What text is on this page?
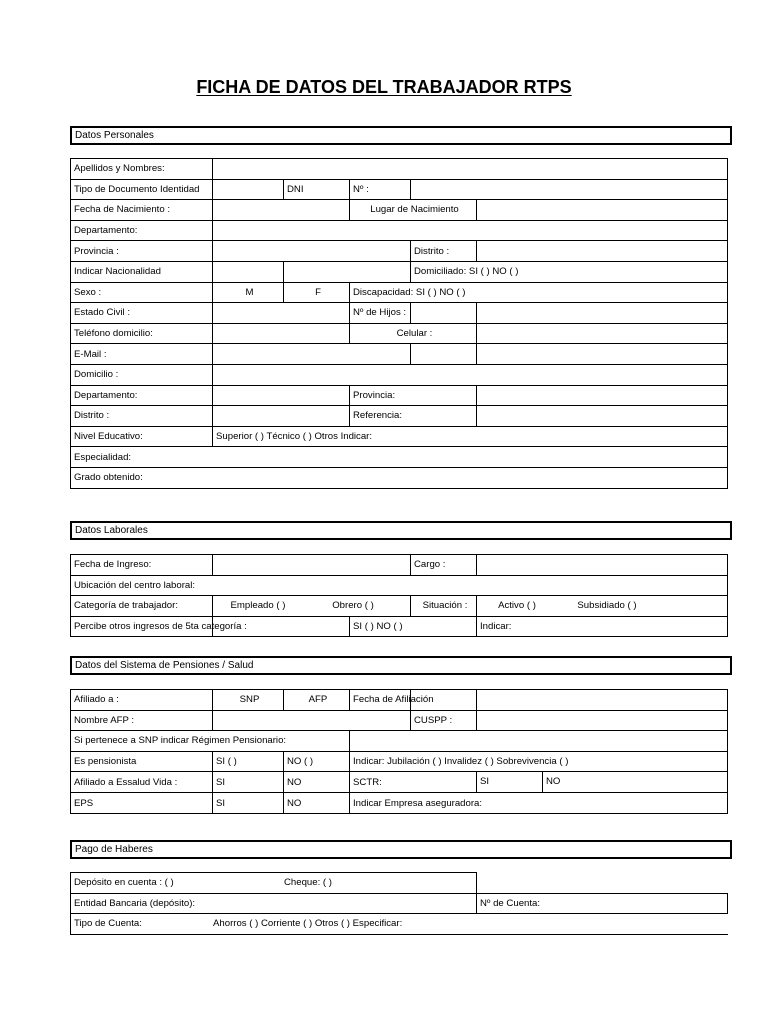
FICHA DE DATOS DEL TRABAJADOR RTPS
Datos Personales
Apellidos y Nombres:					
Tipo de Documento Identidad		DNI	Nº :		
Fecha de Nacimiento :			Lugar de Nacimiento		
Departamento:					
Provincia :				Distrito :	
Indicar Nacionalidad				Domiciliado: SI ( ) NO ( )	
Sexo :	M	F	Discapacidad: SI ( ) NO ( )		
Estado Civil :			Nº de Hijos :		
Teléfono domicilio:			Celular :		
E-Mail :					
Domicilio :					
Departamento:			Provincia:		
Distrito :			Referencia:		
Nivel Educativo:	Superior ( ) Técnico ( ) Otros Indicar:				
Especialidad:					
Grado obtenido:					
Datos Laborales
Fecha de Ingreso:			Cargo :	
Ubicación del centro laboral:				
Categoría de trabajador:	Empleado ( ) Obrero ( )		Situación :	Activo ( ) Subsidiado ( )
Percibe otros ingresos de 5ta categoría :		SI ( ) NO ( )		Indicar:
Datos del Sistema de Pensiones / Salud
Afiliado a :	SNP	AFP	Fecha de Afiliación		
Nombre AFP :				CUSPP :	
Si pertenece a SNP indicar Régimen Pensionario:					
Es pensionista	SI ( )	NO ( )	Indicar: Jubilación ( ) Invalidez ( ) Sobrevivencia ( )		
Afiliado a Essalud Vida :	SI	NO	SCTR:		SI NO
EPS	SI	NO	Indicar Empresa aseguradora:		
Pago de Haberes
Depósito en cuenta : ( ) Cheque: ( )	
Entidad Bancaria (depósito):	Nº de Cuenta:
Tipo de Cuenta: Ahorros ( ) Corriente ( ) Otros ( ) Especificar:	
